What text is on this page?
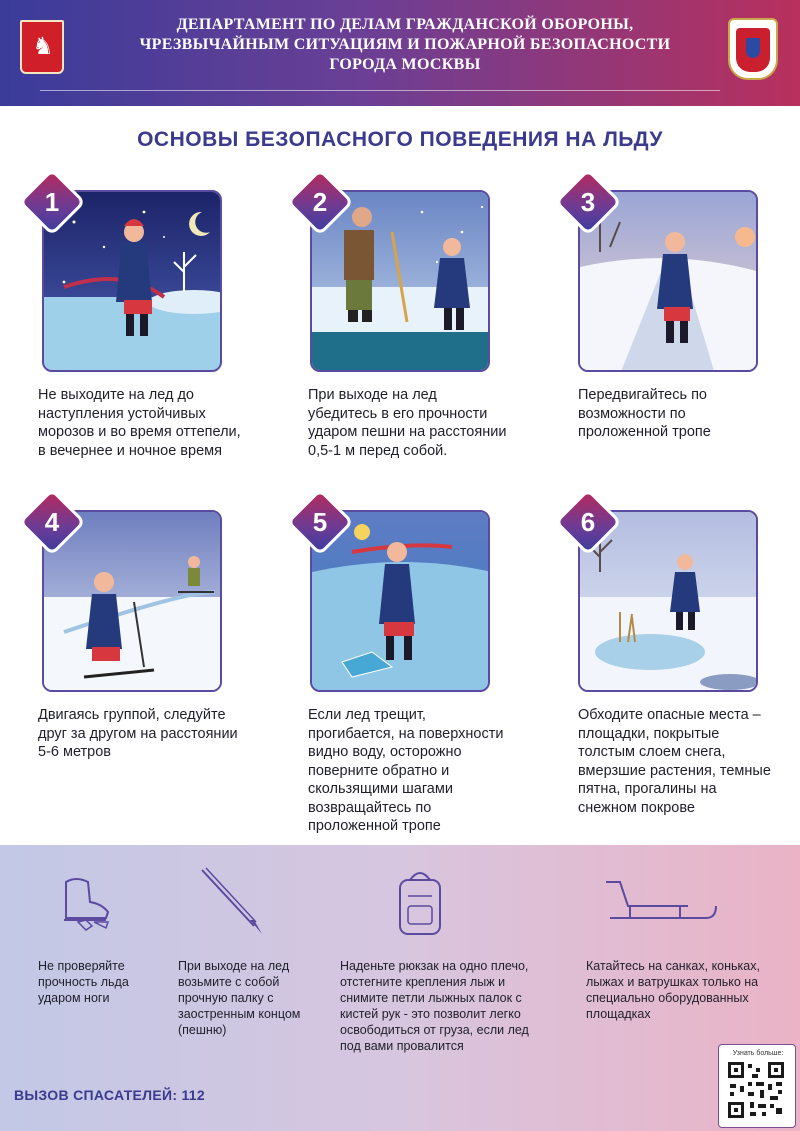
♞
ДЕПАРТАМЕНТ ПО ДЕЛАМ ГРАЖДАНСКОЙ ОБОРОНЫ,
ЧРЕЗВЫЧАЙНЫМ СИТУАЦИЯМ И ПОЖАРНОЙ БЕЗОПАСНОСТИ
ГОРОДА МОСКВЫ
ОСНОВЫ БЕЗОПАСНОГО ПОВЕДЕНИЯ НА ЛЬДУ
1	2	3
4	5	6
Не выходите на лед до наступления устойчивых морозов и во время оттепели, в вечернее и ночное время
При выходе на лед убедитесь в его прочности ударом пешни на расстоянии 0,5-1 м перед собой.
Передвигайтесь по возможности по проложенной тропе
Двигаясь группой, следуйте друг за другом на расстоянии 5-6 метров
Если лед трещит, прогибается, на поверхности видно воду, осторожно поверните обратно и скользящими шагами возвращайтесь по проложенной тропе
Обходите опасные места – площадки, покрытые толстым слоем снега, вмерзшие растения, темные пятна, прогалины на снежном покрове
Не проверяйте прочность льда ударом ноги
При выходе на лед возьмите с собой прочную палку с заостренным концом (пешню)
Наденьте рюкзак на одно плечо, отстегните крепления лыж и снимите петли лыжных палок с кистей рук - это позволит легко освободиться от груза, если лед под вами провалится
Катайтесь на санках, коньках, лыжах и ватрушках только на специально оборудованных площадках
ВЫЗОВ СПАСАТЕЛЕЙ: 112
Узнать больше:
